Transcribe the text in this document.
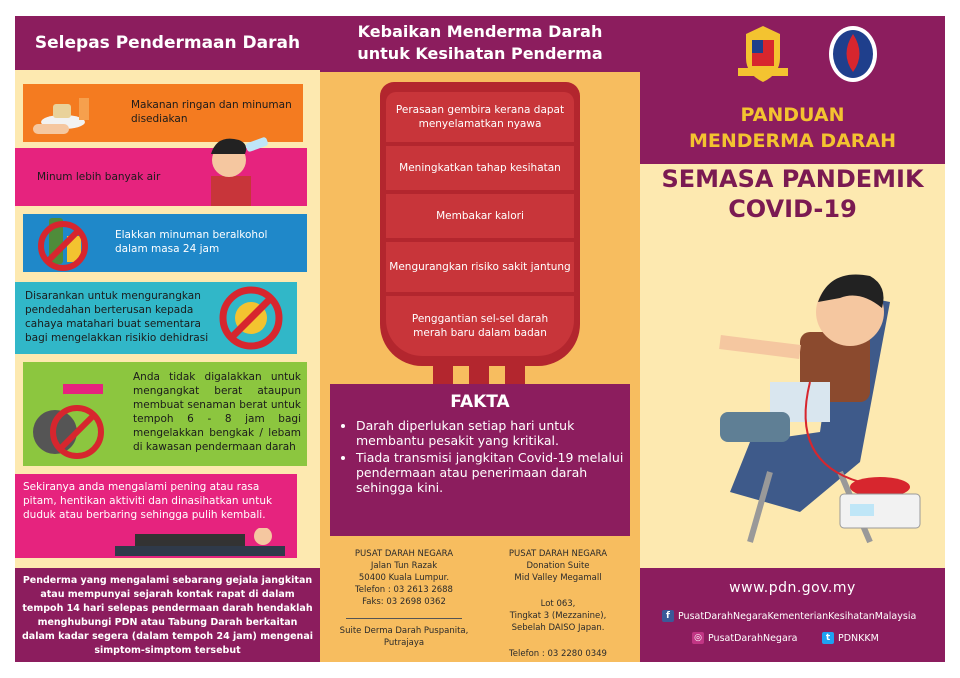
Selepas Pendermaan Darah
Makanan ringan dan minuman disediakan
Minum lebih banyak air
Elakkan minuman beralkohol dalam masa 24 jam
Disarankan untuk mengurangkan pendedahan berterusan kepada cahaya matahari buat sementara bagi mengelakkan risikio dehidrasi
Anda tidak digalakkan untuk mengangkat berat ataupun membuat senaman berat untuk tempoh 6 - 8 jam bagi mengelakkan bengkak / lebam di kawasan pendermaan darah
Sekiranya anda mengalami pening atau rasa pitam, hentikan aktiviti dan dinasihatkan untuk duduk atau berbaring sehingga pulih kembali.
Penderma yang mengalami sebarang gejala jangkitan atau mempunyai sejarah kontak rapat di dalam tempoh 14 hari selepas pendermaan darah hendaklah menghubungi PDN atau Tabung Darah berkaitan dalam kadar segera (dalam tempoh 24 jam) mengenai simptom-simptom tersebut
Kebaikan Menderma Darah
untuk Kesihatan Penderma
Perasaan gembira kerana dapat menyelamatkan nyawa
Meningkatkan tahap kesihatan
Membakar kalori
Mengurangkan risiko sakit jantung
Penggantian sel-sel darah merah baru dalam badan
FAKTA
• Darah diperlukan setiap hari untuk membantu pesakit yang kritikal.
• Tiada transmisi jangkitan Covid-19 melalui pendermaan atau penerimaan darah sehingga kini.
PUSAT DARAH NEGARA
Jalan Tun Razak
50400 Kuala Lumpur.
Telefon : 03 2613 2688
Faks: 03 2698 0362
Suite Derma Darah Puspanita,
Putrajaya
PUSAT DARAH NEGARA
Donation Suite
Mid Valley Megamall
Lot 063,
Tingkat 3 (Mezzanine),
Sebelah DAISO Japan.
Telefon : 03 2280 0349
PANDUAN
MENDERMA DARAH
SEMASA PANDEMIK
COVID-19
www.pdn.gov.my
f PusatDarahNegaraKementerianKesihatanMalaysia
◎ PusatDarahNegara	t PDNKKM
